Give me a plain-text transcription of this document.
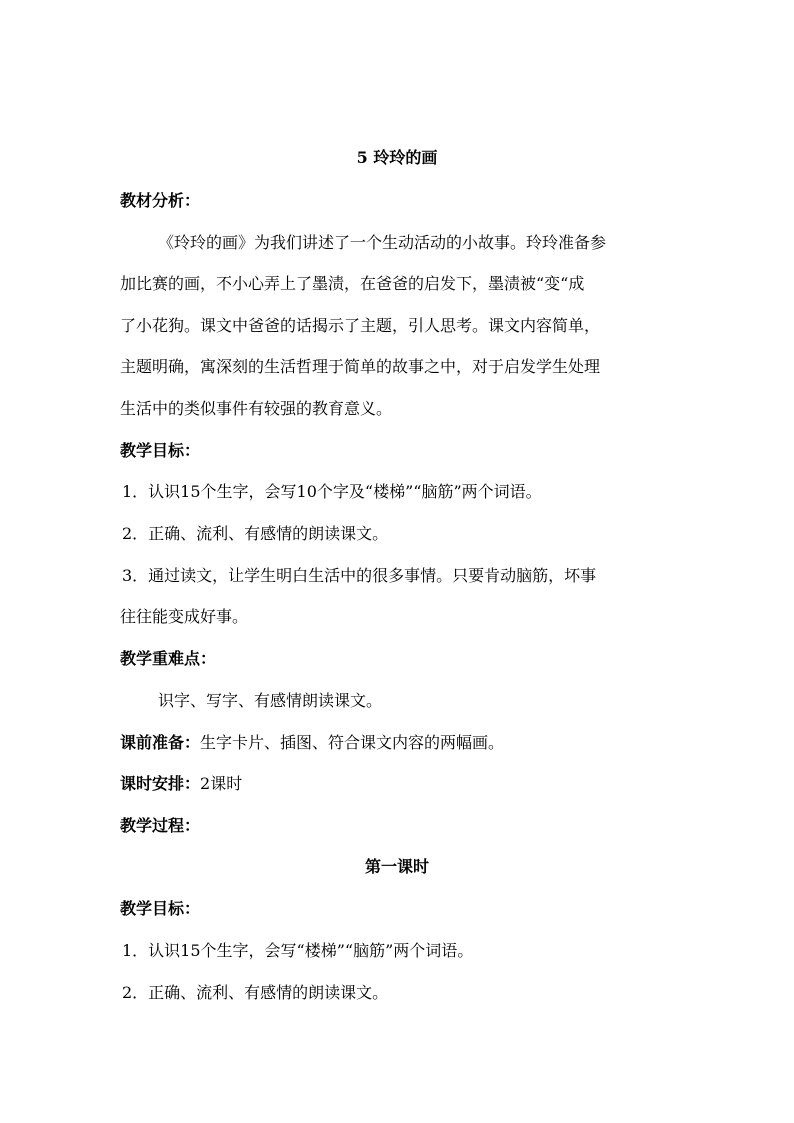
5 玲玲的画
教材分析：
《玲玲的画》为我们讲述了一个生动活动的小故事。玲玲准备参
加比赛的画，不小心弄上了墨渍，在爸爸的启发下，墨渍被“变“成
了小花狗。课文中爸爸的话揭示了主题，引人思考。课文内容简单，
主题明确，寓深刻的生活哲理于简单的故事之中，对于启发学生处理
生活中的类似事件有较强的教育意义。
教学目标：
1．认识15个生字，会写10个字及“楼梯”“脑筋”两个词语。
2．正确、流利、有感情的朗读课文。
3．通过读文，让学生明白生活中的很多事情。只要肯动脑筋，坏事
往往能变成好事。
教学重难点：
识字、写字、有感情朗读课文。
课前准备：生字卡片、插图、符合课文内容的两幅画。
课时安排：2课时
教学过程：
第一课时
教学目标：
1．认识15个生字，会写“楼梯”“脑筋”两个词语。
2．正确、流利、有感情的朗读课文。
